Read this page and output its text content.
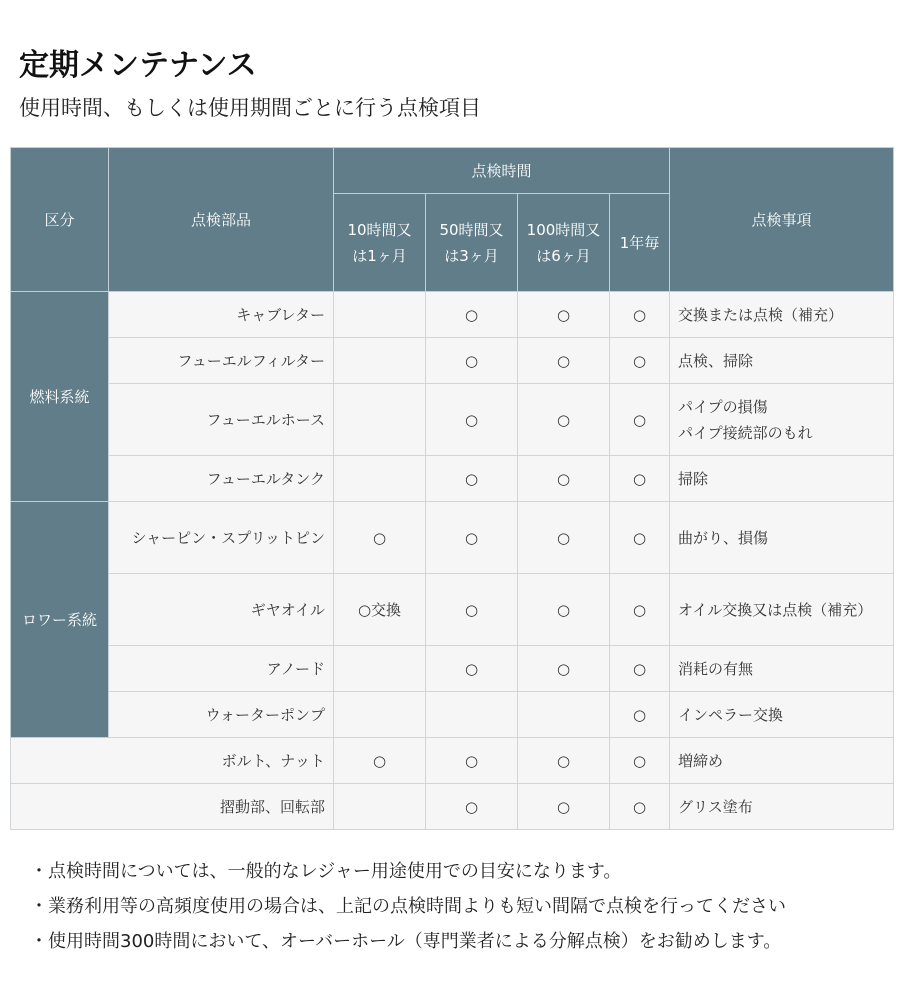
定期メンテナンス
使用時間、もしくは使用期間ごとに行う点検項目
区分	点検部品	点検時間				点検事項
		10時間又は1ヶ月	50時間又は3ヶ月	100時間又は6ヶ月	1年毎	
燃料系統	キャブレター		○	○	○	交換または点検（補充）
	フューエルフィルター		○	○	○	点検、掃除
	フューエルホース		○	○	○	パイプの損傷
パイプ接続部のもれ
	フューエルタンク		○	○	○	掃除
ロワー系統	シャーピン・スプリットピン	○	○	○	○	曲がり、損傷
	ギヤオイル	○交換	○	○	○	オイル交換又は点検（補充）
	アノード		○	○	○	消耗の有無
	ウォーターポンプ				○	インペラー交換
ボルト、ナット		○	○	○	○	増締め
摺動部、回転部			○	○	○	グリス塗布
・点検時間については、一般的なレジャー用途使用での目安になります。
・業務利用等の高頻度使用の場合は、上記の点検時間よりも短い間隔で点検を行ってください
・使用時間300時間において、オーバーホール（専門業者による分解点検）をお勧めします。
